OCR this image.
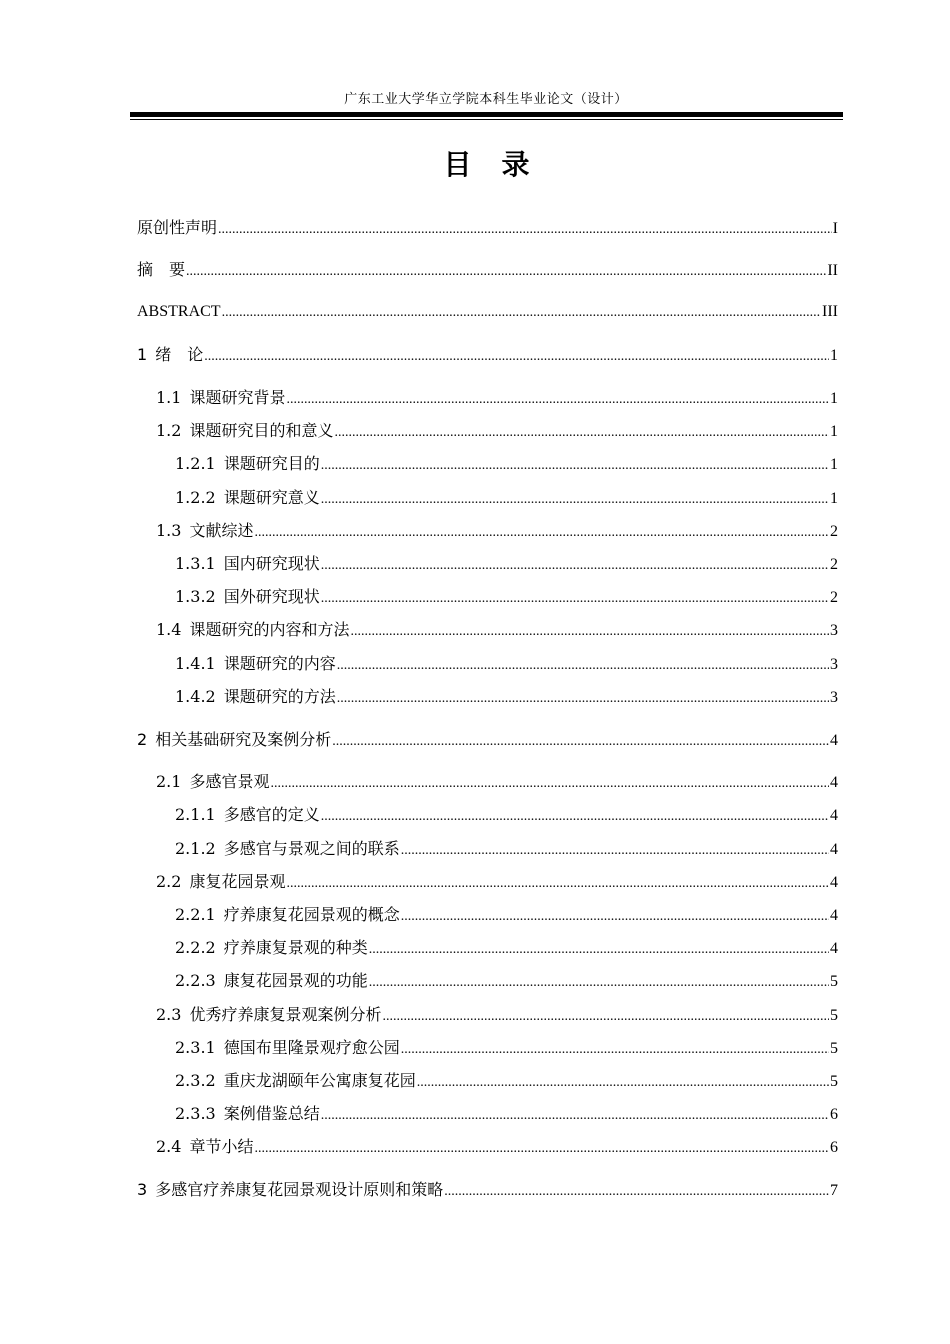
广东工业大学华立学院本科生毕业论文（设计）
目录
原创性声明 .....	I
摘　要 .....	II
ABSTRACT .....	III
1 绪　论 .....	1
1.1 课题研究背景 .....	1
1.2 课题研究目的和意义 .....	1
1.2.1 课题研究目的 .....	1
1.2.2 课题研究意义 .....	1
1.3 文献综述 .....	2
1.3.1 国内研究现状 .....	2
1.3.2 国外研究现状 .....	2
1.4 课题研究的内容和方法 .....	3
1.4.1 课题研究的内容 .....	3
1.4.2 课题研究的方法 .....	3
2 相关基础研究及案例分析 .....	4
2.1 多感官景观 .....	4
2.1.1 多感官的定义 .....	4
2.1.2 多感官与景观之间的联系 .....	4
2.2 康复花园景观 .....	4
2.2.1 疗养康复花园景观的概念 .....	4
2.2.2 疗养康复景观的种类 .....	4
2.2.3 康复花园景观的功能 .....	5
2.3 优秀疗养康复景观案例分析 .....	5
2.3.1 德国布里隆景观疗愈公园 .....	5
2.3.2 重庆龙湖颐年公寓康复花园 .....	5
2.3.3 案例借鉴总结 .....	6
2.4 章节小结 .....	6
3 多感官疗养康复花园景观设计原则和策略 .....	7
